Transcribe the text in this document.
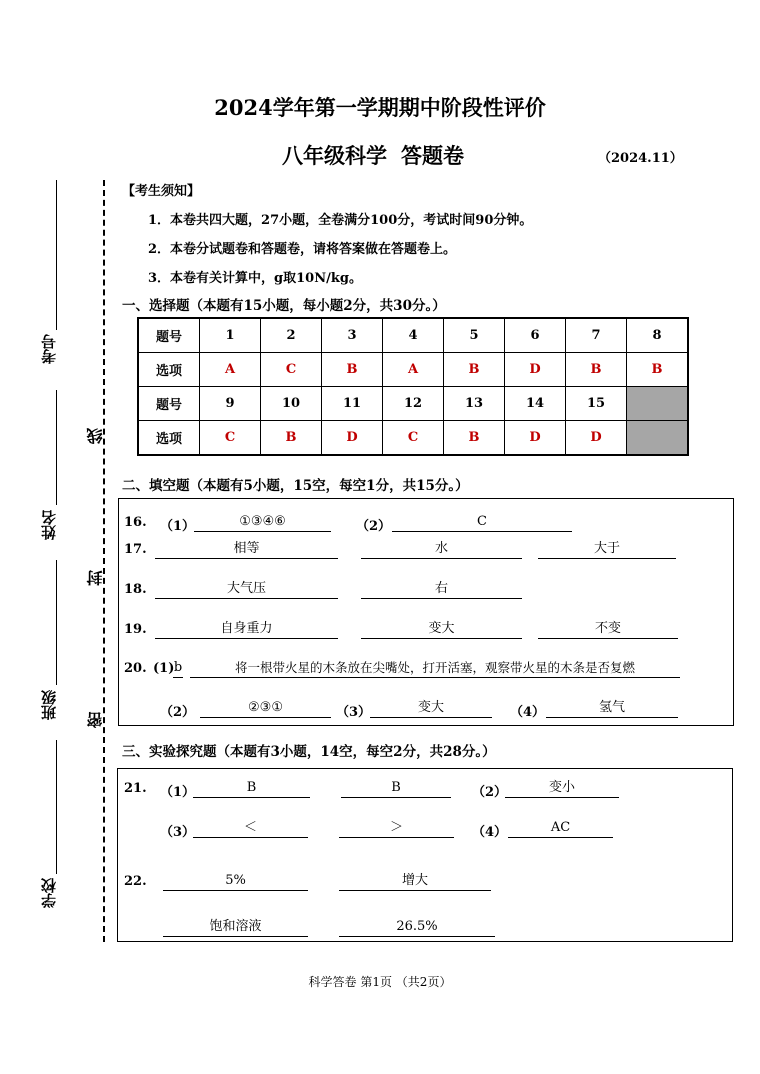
2024学年第一学期期中阶段性评价
八年级科学 答题卷	（2024.11）
考号
姓名
班级
学校
线
封
密
【考生须知】
1．本卷共四大题，27小题，全卷满分100分，考试时间90分钟。
2．本卷分试题卷和答题卷，请将答案做在答题卷上。
3．本卷有关计算中，g取10N/kg。
一、选择题（本题有15小题，每小题2分，共30分。）
题号	1	2	3	4	5	6	7	8
选项	A	C	B	A	B	D	B	B
题号	9	10	11	12	13	14	15	
选项	C	B	D	C	B	D	D	
二、填空题（本题有5小题，15空，每空1分，共15分。）
16. （1）	①③④⑥	（2）	C
17.	相等	水	大于
18.	大气压	右
19.	自身重力	变大	不变
20. (1) b	将一根带火星的木条放在尖嘴处，打开活塞，观察带火星的木条是否复燃
（2）	②③①	（3）	变大	（4）	氢气
三、实验探究题（本题有3小题，14空，每空2分，共28分。）
21. （1）	B	B	（2）	变小
（3）	＜	＞	（4）	AC
22.	5%	增大
饱和溶液	26.5%
科学答卷 第1页 （共2页）
